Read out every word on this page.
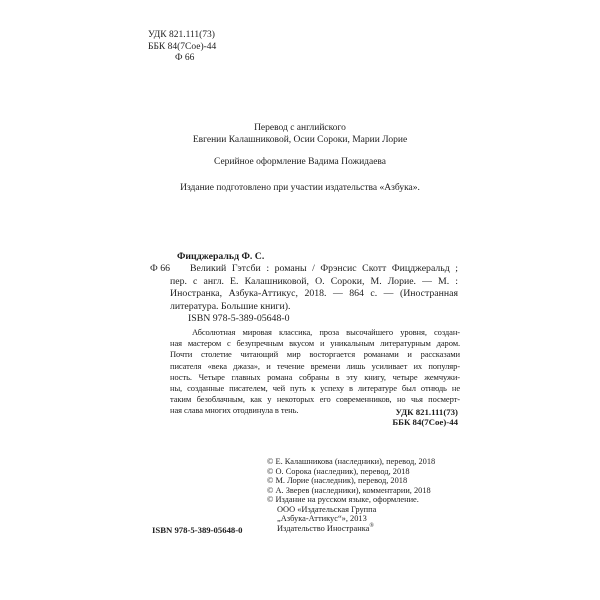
УДК 821.111(73)
ББК 84(7Сое)-44
Ф 66
Перевод с английского
Евгении Калашниковой, Осии Сороки, Марии Лорие
Серийное оформление Вадима Пожидаева
Издание подготовлено при участии издательства «Азбука».
Фицджеральд Ф. С.
Ф 66	Великий Гэтсби : романы / Фрэнсис Скотт Фицджеральд ;
пер. с англ. Е. Калашниковой, О. Сороки, М. Лорие. — М. :
Иностранка, Азбука-Аттикус, 2018. — 864 с. — (Иностранная
литература. Большие книги).
ISBN 978-5-389-05648-0
Абсолютная мировая классика, проза высочайшего уровня, создан-
ная мастером с безупречным вкусом и уникальным литературным даром.
Почти столетие читающий мир восторгается романами и рассказами
писателя «века джаза», и течение времени лишь усиливает их популяр-
ность. Четыре главных романа собраны в эту книгу, четыре жемчужи-
ны, созданные писателем, чей путь к успеху в литературе был отнюдь не
таким безоблачным, как у некоторых его современников, но чья посмерт-
ная слава многих отодвинула в тень.	УДК 821.111(73)
ББК 84(7Сое)-44
© Е. Калашникова (наследники), перевод, 2018
© О. Сорока (наследник), перевод, 2018
© М. Лорие (наследник), перевод, 2018
© А. Зверев (наследники), комментарии, 2018
© Издание на русском языке, оформление.
ООО «Издательская Группа
„Азбука-Аттикус“», 2013
Издательство Иностранка®
ISBN 978-5-389-05648-0
